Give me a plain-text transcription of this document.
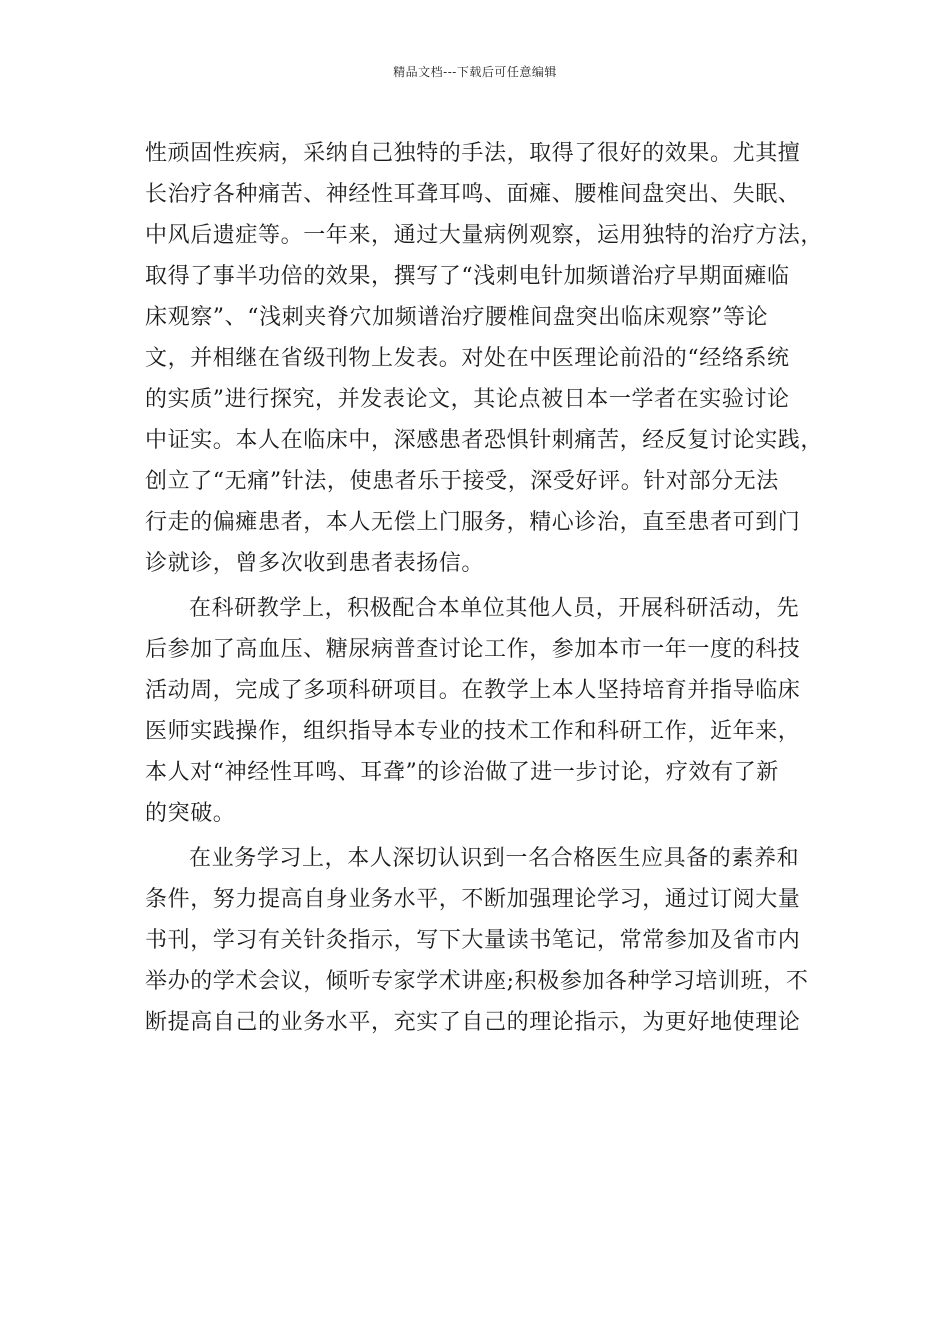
精品文档---下载后可任意编辑
性顽固性疾病，采纳自己独特的手法，取得了很好的效果。尤其擅
长治疗各种痛苦、神经性耳聋耳鸣、面瘫、腰椎间盘突出、失眠、
中风后遗症等。一年来，通过大量病例观察，运用独特的治疗方法，
取得了事半功倍的效果，撰写了“浅刺电针加频谱治疗早期面瘫临
床观察”、“浅刺夹脊穴加频谱治疗腰椎间盘突出临床观察”等论
文，并相继在省级刊物上发表。对处在中医理论前沿的“经络系统
的实质”进行探究，并发表论文，其论点被日本一学者在实验讨论
中证实。本人在临床中，深感患者恐惧针刺痛苦，经反复讨论实践，
创立了“无痛”针法，使患者乐于接受，深受好评。针对部分无法
行走的偏瘫患者，本人无偿上门服务，精心诊治，直至患者可到门
诊就诊，曾多次收到患者表扬信。
在科研教学上，积极配合本单位其他人员，开展科研活动，先
后参加了高血压、糖尿病普查讨论工作，参加本市一年一度的科技
活动周，完成了多项科研项目。在教学上本人坚持培育并指导临床
医师实践操作，组织指导本专业的技术工作和科研工作，近年来，
本人对“神经性耳鸣、耳聋”的诊治做了进一步讨论，疗效有了新
的突破。
在业务学习上，本人深切认识到一名合格医生应具备的素养和
条件，努力提高自身业务水平，不断加强理论学习，通过订阅大量
书刊，学习有关针灸指示，写下大量读书笔记，常常参加及省市内
举办的学术会议，倾听专家学术讲座;积极参加各种学习培训班，不
断提高自己的业务水平，充实了自己的理论指示，为更好地使理论
